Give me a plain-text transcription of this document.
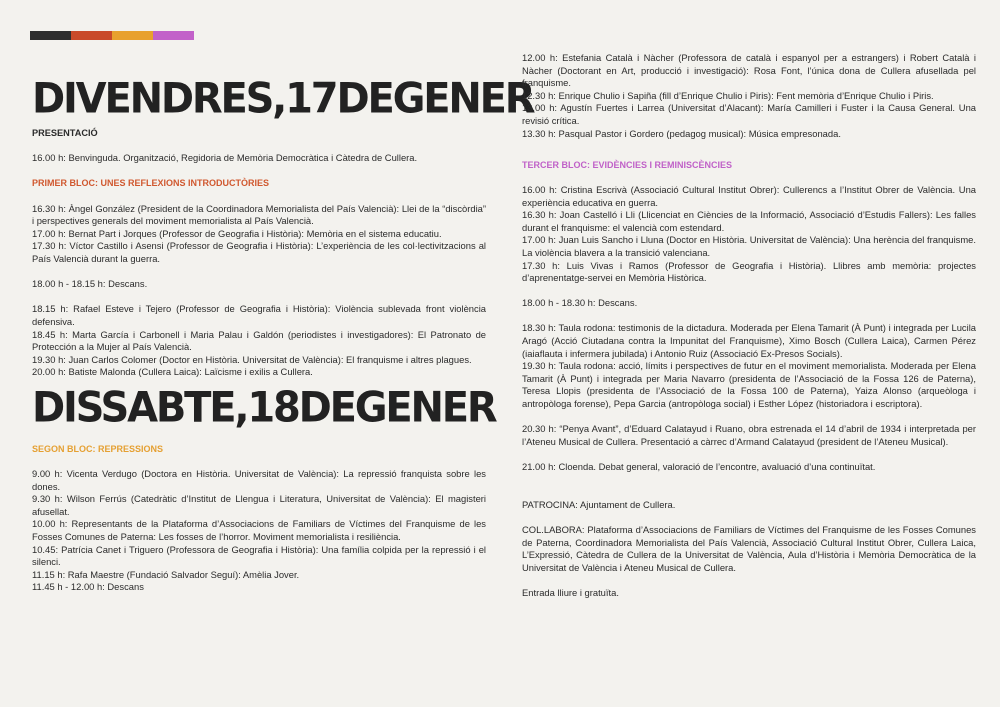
DIVENDRES,17DEGENER

PRESENTACIÓ

16.00 h: Benvinguda. Organització, Regidoria de Memòria Democràtica i Càtedra de Cullera.

PRIMER BLOC: UNES REFLEXIONS INTRODUCTÒRIES

16.30 h: Àngel González (President de la Coordinadora Memorialista del País Valencià): Llei de la “discòrdia” i perspectives generals del moviment memorialista al País Valencià.

17.00 h: Bernat Part i Jorques (Professor de Geografia i Història): Memòria en el sistema educatiu.

17.30 h: Víctor Castillo i Asensi (Professor de Geografia i Història): L’experiència de les col·lectivitzacions al País Valencià durant la guerra.

18.00 h - 18.15 h: Descans.

18.15 h: Rafael Esteve i Tejero (Professor de Geografia i Història): Violència sublevada front violència defensiva.

18.45 h: Marta García i Carbonell i Maria Palau i Galdón (periodistes i investigadores): El Patronato de Protección a la Mujer al País Valencià.

19.30 h: Juan Carlos Colomer (Doctor en Història. Universitat de València): El franquisme i altres plagues.

20.00 h: Batiste Malonda (Cullera Laica): Laïcisme i exilis a Cullera.

DISSABTE,18DEGENER

SEGON BLOC: REPRESSIONS

9.00 h: Vicenta Verdugo (Doctora en Història. Universitat de València): La repressió franquista sobre les dones.

9.30 h: Wilson Ferrús (Catedràtic d’Institut de Llengua i Literatura, Universitat de València): El magisteri afusellat.

10.00 h: Representants de la Plataforma d’Associacions de Familiars de Víctimes del Franquisme de les Fosses Comunes de Paterna: Les fosses de l’horror. Moviment memorialista i resiliència.

10.45: Patrícia Canet i Triguero (Professora de Geografia i Història): Una família colpida per la repressió i el silenci.

11.15 h: Rafa Maestre (Fundació Salvador Seguí): Amèlia Jover.

11.45 h - 12.00 h: Descans

12.00 h: Estefania Català i Nàcher (Professora de català i espanyol per a estrangers) i Robert Català i Nàcher (Doctorant en Art, producció i investigació): Rosa Font, l’única dona de Cullera afusellada pel franquisme.

12.30 h: Enrique Chulio i Sapiña (fill d’Enrique Chulio i Piris): Fent memòria d’Enrique Chulio i Piris.

13.00 h: Agustín Fuertes i Larrea (Universitat d’Alacant): María Camilleri i Fuster i la Causa General. Una revisió crítica.

13.30 h: Pasqual Pastor i Gordero (pedagog musical): Música empresonada.

TERCER BLOC: EVIDÈNCIES I REMINISCÈNCIES

16.00 h: Cristina Escrivà (Associació Cultural Institut Obrer): Cullerencs a l’Institut Obrer de València. Una experiència educativa en guerra.

16.30 h: Joan Castelló i Lli (Llicenciat en Ciències de la Informació, Associació d’Estudis Fallers): Les falles durant el franquisme: el valencià com estendard.

17.00 h: Juan Luis Sancho i Lluna (Doctor en Història. Universitat de València): Una herència del franquisme. La violència blavera a la transició valenciana.

17.30 h: Luis Vivas i Ramos (Professor de Geografia i Història). Llibres amb memòria: projectes d’aprenentatge-servei en Memòria Històrica.

18.00 h - 18.30 h: Descans.

18.30 h: Taula rodona: testimonis de la dictadura. Moderada per Elena Tamarit (À Punt) i integrada per Lucila Aragó (Acció Ciutadana contra la Impunitat del Franquisme), Ximo Bosch (Cullera Laica), Carmen Pérez (iaiaflauta i infermera jubilada) i Antonio Ruiz (Associació Ex-Presos Socials).

19.30 h: Taula rodona: acció, límits i perspectives de futur en el moviment memorialista. Moderada per Elena Tamarit (À Punt) i integrada per Maria Navarro (presidenta de l’Associació de la Fossa 126 de Paterna), Teresa Llopis (presidenta de l’Associació de la Fossa 100 de Paterna), Yaiza Alonso (arqueòloga i antropòloga forense), Pepa Garcia (antropòloga social) i Esther López (historiadora i escriptora).

20.30 h: “Penya Avant”, d’Eduard Calatayud i Ruano, obra estrenada el 14 d’abril de 1934 i interpretada per l’Ateneu Musical de Cullera. Presentació a càrrec d’Armand Calatayud (president de l’Ateneu Musical).

21.00 h: Cloenda. Debat general, valoració de l’encontre, avaluació d’una continuïtat.

PATROCINA: Ajuntament de Cullera.

COL.LABORA: Plataforma d’Associacions de Familiars de Víctimes del Franquisme de les Fosses Comunes de Paterna, Coordinadora Memorialista del País Valencià, Associació Cultural Institut Obrer, Cullera Laica, L’Expressió, Càtedra de Cullera de la Universitat de València, Aula d’Història i Memòria Democràtica de la Universitat de València i Ateneu Musical de Cullera.

Entrada lliure i gratuïta.
